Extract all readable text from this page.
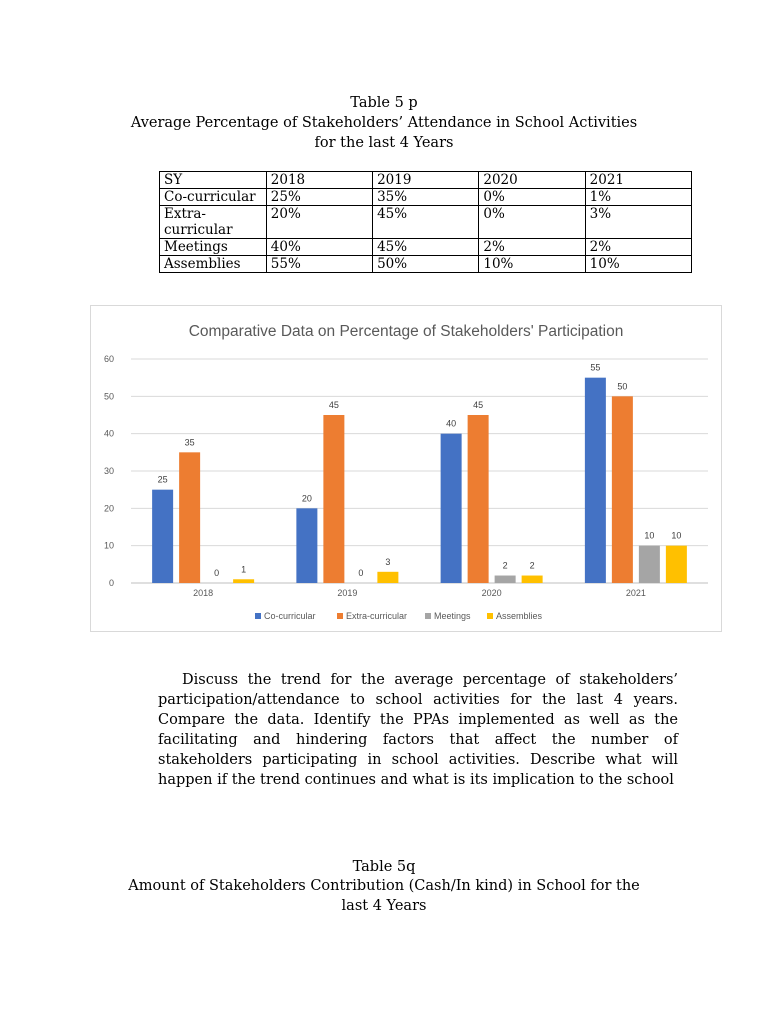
Table 5 p
Average Percentage of Stakeholders’ Attendance in School Activities
for the last 4 Years
SY	2018	2019	2020	2021
Co-curricular	25%	35%	0%	1%
Extra-
curricular	20%	45%	0%	3%
Meetings	40%	45%	2%	2%
Assemblies	55%	50%	10%	10%
Comparative Data on Percentage of Stakeholders' Participation
0
10
20
30
40
50
60
25
35
0 1
2018
20
45
0
3
2019
40
45
2 2
2020
55
50
10 10
2021
Co-curricular	Extra-curricular	Meetings	Assemblies
Discuss the trend for the average percentage of stakeholders’ participation/attendance to school activities for the last 4 years. Compare the data. Identify the PPAs implemented as well as the facilitating and hindering factors that affect the number of stakeholders participating in school activities. Describe what will happen if the trend continues and what is its implication to the school
Table 5q
Amount of Stakeholders Contribution (Cash/In kind) in School for the
last 4 Years
